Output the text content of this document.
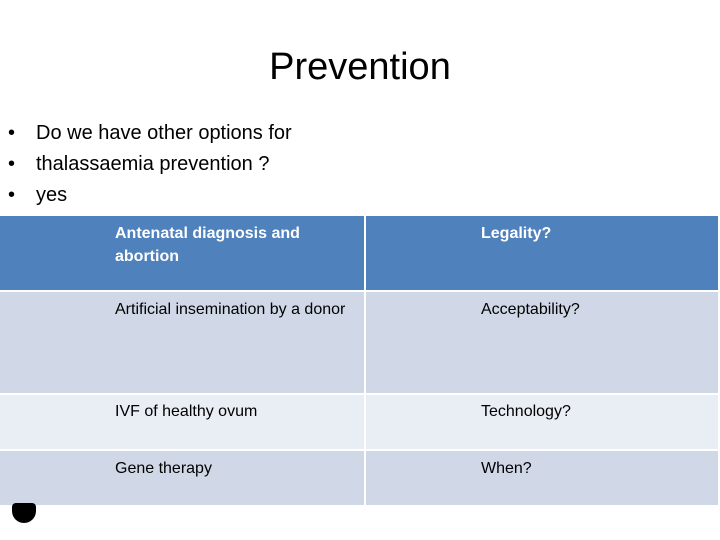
Prevention
•	Do we have other options for
•	thalassaemia prevention ?
•	yes
Antenatal diagnosis and abortion	Legality?
Artificial insemination by a donor	Acceptability?
IVF of healthy ovum	Technology?
Gene therapy	When?
